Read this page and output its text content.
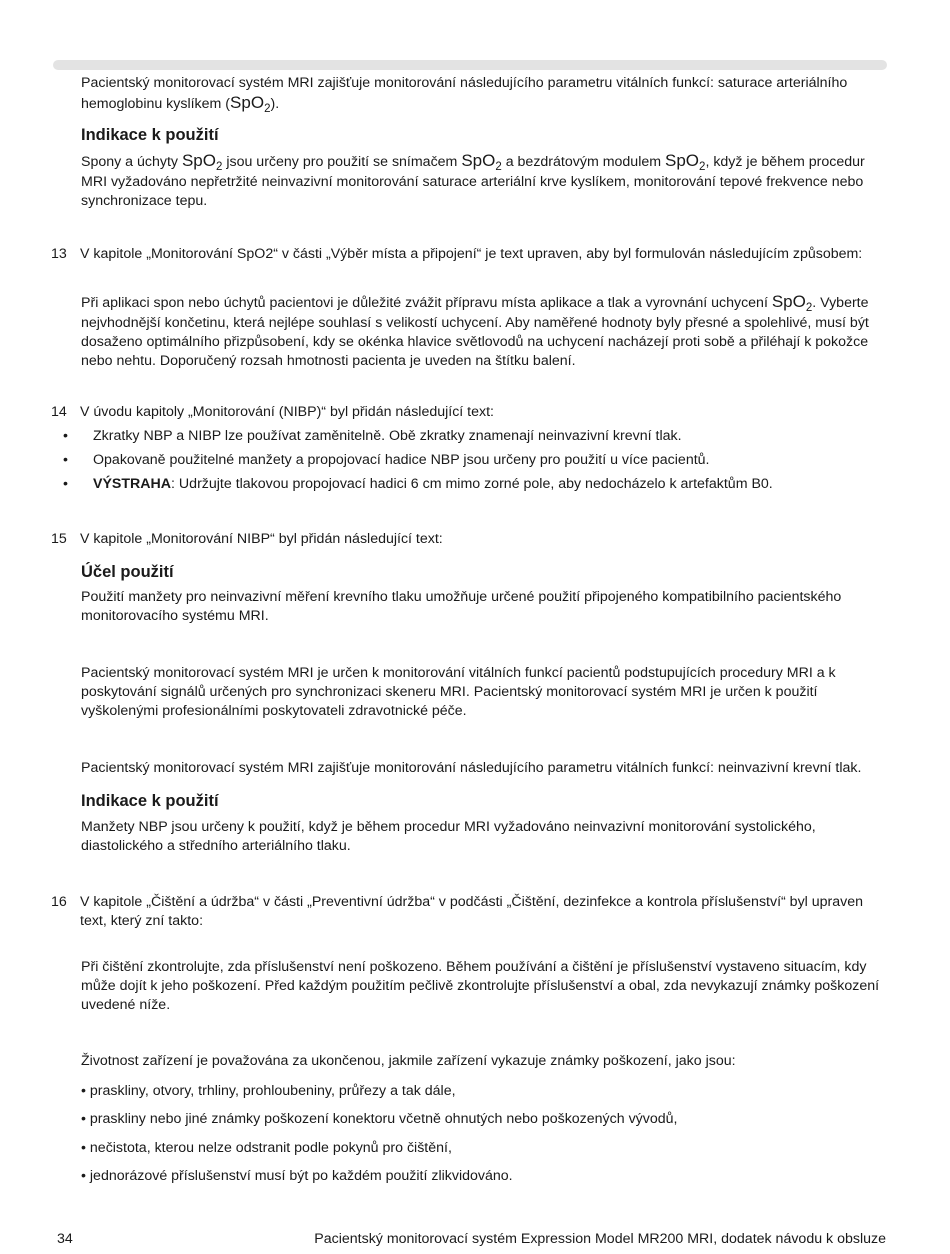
Pacientský monitorovací systém MRI zajišťuje monitorování následujícího parametru vitálních funkcí: saturace arteriálního hemoglobinu kyslíkem (SpO$_2$).

Indikace k použití

Spony a úchyty SpO$_2$ jsou určeny pro použití se snímačem SpO$_2$ a bezdrátovým modulem SpO$_2$, když je během procedur MRI vyžadováno nepřetržité neinvazivní monitorování saturace arteriální krve kyslíkem, monitorování tepové frekvence nebo synchronizace tepu.

13 V kapitole „Monitorování SpO2“ v části „Výběr místa a připojení“ je text upraven, aby byl formulován následujícím způsobem:

Při aplikaci spon nebo úchytů pacientovi je důležité zvážit přípravu místa aplikace a tlak a vyrovnání uchycení SpO$_2$. Vyberte nejvhodnější končetinu, která nejlépe souhlasí s velikostí uchycení. Aby naměřené hodnoty byly přesné a spolehlivé, musí být dosaženo optimálního přizpůsobení, kdy se okénka hlavice světlovodů na uchycení nacházejí proti sobě a přiléhají k pokožce nebo nehtu. Doporučený rozsah hmotnosti pacienta je uveden na štítku balení.

14 V úvodu kapitoly „Monitorování (NIBP)“ byl přidán následující text:
• Zkratky NBP a NIBP lze používat zaměnitelně. Obě zkratky znamenají neinvazivní krevní tlak.
• Opakovaně použitelné manžety a propojovací hadice NBP jsou určeny pro použití u více pacientů.
• VÝSTRAHA: Udržujte tlakovou propojovací hadici 6 cm mimo zorné pole, aby nedocházelo k artefaktům B0.
15 V kapitole „Monitorování NIBP“ byl přidán následující text:
Účel použití
Použití manžety pro neinvazivní měření krevního tlaku umožňuje určené použití připojeného kompatibilního pacientského monitorovacího systému MRI.
Pacientský monitorovací systém MRI je určen k monitorování vitálních funkcí pacientů podstupujících procedury MRI a k poskytování signálů určených pro synchronizaci skeneru MRI. Pacientský monitorovací systém MRI je určen k použití vyškolenými profesionálními poskytovateli zdravotnické péče.
Pacientský monitorovací systém MRI zajišťuje monitorování následujícího parametru vitálních funkcí: neinvazivní krevní tlak.
Indikace k použití
Manžety NBP jsou určeny k použití, když je během procedur MRI vyžadováno neinvazivní monitorování systolického, diastolického a středního arteriálního tlaku.
16 V kapitole „Čištění a údržba“ v části „Preventivní údržba“ v podčásti „Čištění, dezinfekce a kontrola příslušenství“ byl upraven text, který zní takto:
Při čištění zkontrolujte, zda příslušenství není poškozeno. Během používání a čištění je příslušenství vystaveno situacím, kdy může dojít k jeho poškození. Před každým použitím pečlivě zkontrolujte příslušenství a obal, zda nevykazují známky poškození uvedené níže.
Životnost zařízení je považována za ukončenou, jakmile zařízení vykazuje známky poškození, jako jsou:
• praskliny, otvory, trhliny, prohloubeniny, průřezy a tak dále,
• praskliny nebo jiné známky poškození konektoru včetně ohnutých nebo poškozených vývodů,
• nečistota, kterou nelze odstranit podle pokynů pro čištění,
• jednorázové příslušenství musí být po každém použití zlikvidováno.
34	Pacientský monitorovací systém Expression Model MR200 MRI, dodatek návodu k obsluze
